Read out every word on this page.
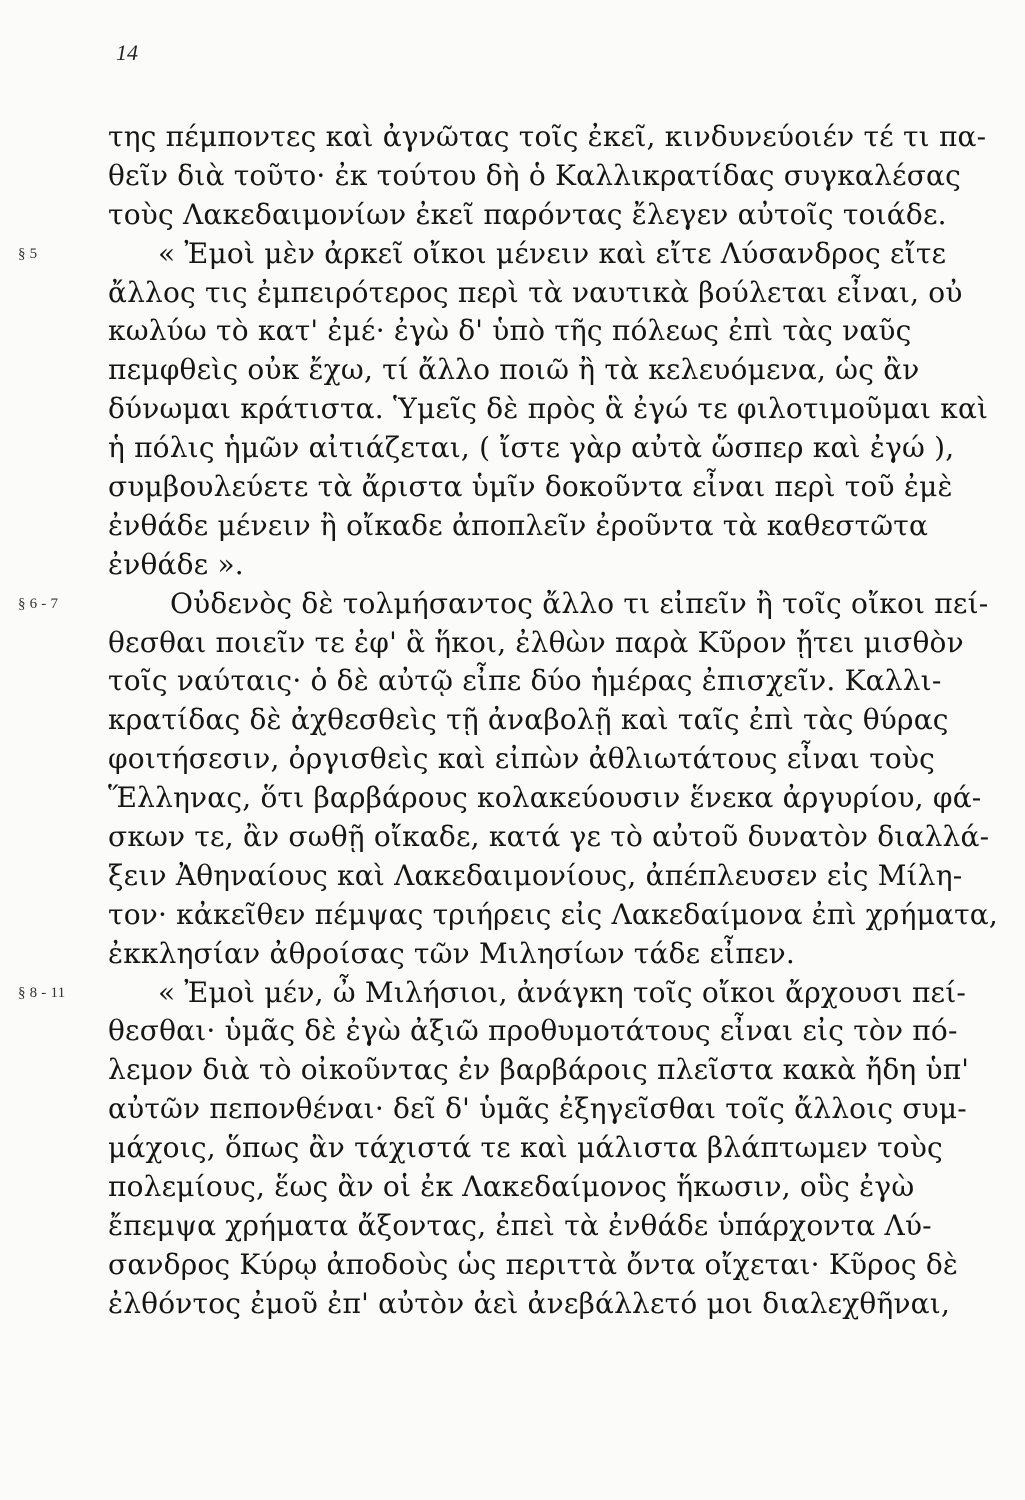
14
της πέμποντες καὶ ἀγνῶτας τοῖς ἐκεῖ, κινδυνεύοιέν τέ τι πα-
θεῖν διὰ τοῦτο· ἐκ τούτου δὴ ὁ Καλλικρατίδας συγκαλέσας
τοὺς Λακεδαιμονίων ἐκεῖ παρόντας ἔλεγεν αὐτοῖς τοιάδε.
§ 5	« Ἐμοὶ μὲν ἀρκεῖ οἴκοι μένειν καὶ εἴτε Λύσανδρος εἴτε
ἄλλος τις ἐμπειρότερος περὶ τὰ ναυτικὰ βούλεται εἶναι, οὐ
κωλύω τὸ κατ' ἐμέ· ἐγὼ δ' ὑπὸ τῆς πόλεως ἐπὶ τὰς ναῦς
πεμφθεὶς οὐκ ἔχω, τί ἄλλο ποιῶ ἢ τὰ κελευόμενα, ὡς ἂν
δύνωμαι κράτιστα. Ὑμεῖς δὲ πρὸς ἃ ἐγώ τε φιλοτιμοῦμαι καὶ
ἡ πόλις ἡμῶν αἰτιάζεται, ( ἴστε γὰρ αὐτὰ ὥσπερ καὶ ἐγώ ),
συμβουλεύετε τὰ ἄριστα ὑμῖν δοκοῦντα εἶναι περὶ τοῦ ἐμὲ
ἐνθάδε μένειν ἢ οἴκαδε ἀποπλεῖν ἐροῦντα τὰ καθεστῶτα
ἐνθάδε ».
§ 6 - 7	Οὐδενὸς δὲ τολμήσαντος ἄλλο τι εἰπεῖν ἢ τοῖς οἴκοι πεί-
θεσθαι ποιεῖν τε ἐφ' ἃ ἥκοι, ἐλθὼν παρὰ Κῦρον ᾔτει μισθὸν
τοῖς ναύταις· ὁ δὲ αὐτῷ εἶπε δύο ἡμέρας ἐπισχεῖν. Καλλι-
κρατίδας δὲ ἀχθεσθεὶς τῇ ἀναβολῇ καὶ ταῖς ἐπὶ τὰς θύρας
φοιτήσεσιν, ὀργισθεὶς καὶ εἰπὼν ἀθλιωτάτους εἶναι τοὺς
Ἕλληνας, ὅτι βαρβάρους κολακεύουσιν ἕνεκα ἀργυρίου, φά-
σκων τε, ἂν σωθῇ οἴκαδε, κατά γε τὸ αὐτοῦ δυνατὸν διαλλά-
ξειν Ἀθηναίους καὶ Λακεδαιμονίους, ἀπέπλευσεν εἰς Μίλη-
τον· κἀκεῖθεν πέμψας τριήρεις εἰς Λακεδαίμονα ἐπὶ χρήματα,
ἐκκλησίαν ἀθροίσας τῶν Μιλησίων τάδε εἶπεν.
§ 8 - 11	« Ἐμοὶ μέν, ὦ Μιλήσιοι, ἀνάγκη τοῖς οἴκοι ἄρχουσι πεί-
θεσθαι· ὑμᾶς δὲ ἐγὼ ἀξιῶ προθυμοτάτους εἶναι εἰς τὸν πό-
λεμον διὰ τὸ οἰκοῦντας ἐν βαρβάροις πλεῖστα κακὰ ἤδη ὑπ'
αὐτῶν πεπονθέναι· δεῖ δ' ὑμᾶς ἐξηγεῖσθαι τοῖς ἄλλοις συμ-
μάχοις, ὅπως ἂν τάχιστά τε καὶ μάλιστα βλάπτωμεν τοὺς
πολεμίους, ἕως ἂν οἱ ἐκ Λακεδαίμονος ἥκωσιν, οὓς ἐγὼ
ἔπεμψα χρήματα ἄξοντας, ἐπεὶ τὰ ἐνθάδε ὑπάρχοντα Λύ-
σανδρος Κύρῳ ἀποδοὺς ὡς περιττὰ ὄντα οἴχεται· Κῦρος δὲ
ἐλθόντος ἐμοῦ ἐπ' αὐτὸν ἀεὶ ἀνεβάλλετό μοι διαλεχθῆναι,
